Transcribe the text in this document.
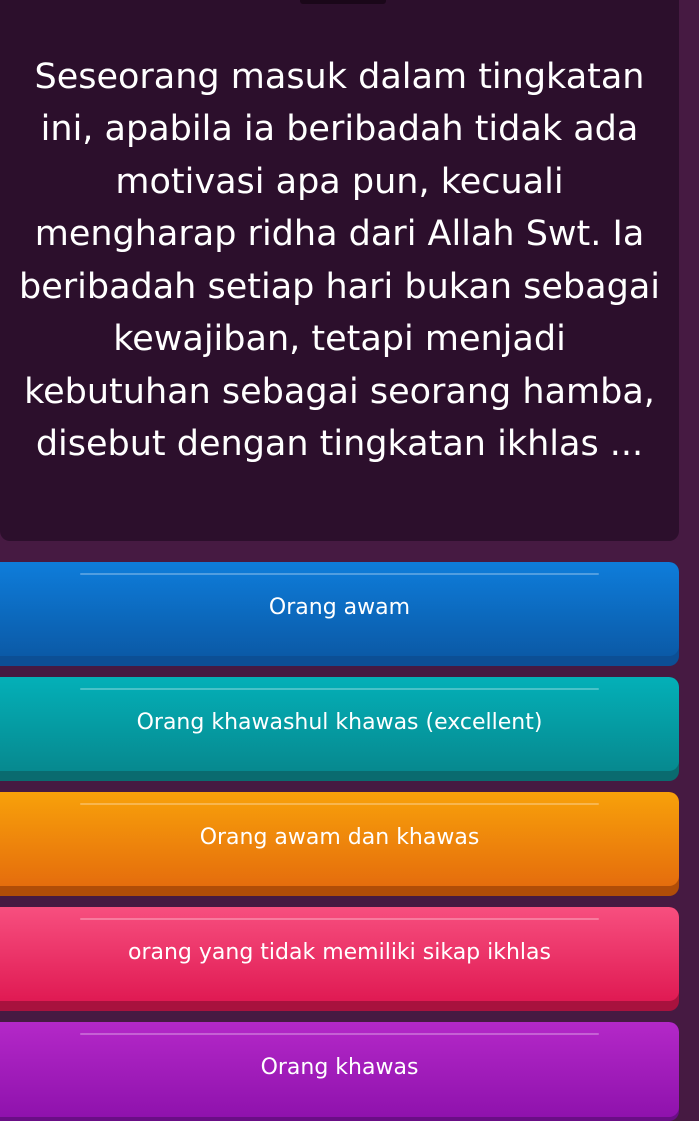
Seseorang masuk dalam tingkatan ini, apabila ia beribadah tidak ada motivasi apa pun, kecuali mengharap ridha dari Allah Swt. Ia beribadah setiap hari bukan sebagai kewajiban, tetapi menjadi kebutuhan sebagai seorang hamba, disebut dengan tingkatan ikhlas ...

Orang awam
Orang khawashul khawas (excellent)
Orang awam dan khawas
orang yang tidak memiliki sikap ikhlas
Orang khawas
